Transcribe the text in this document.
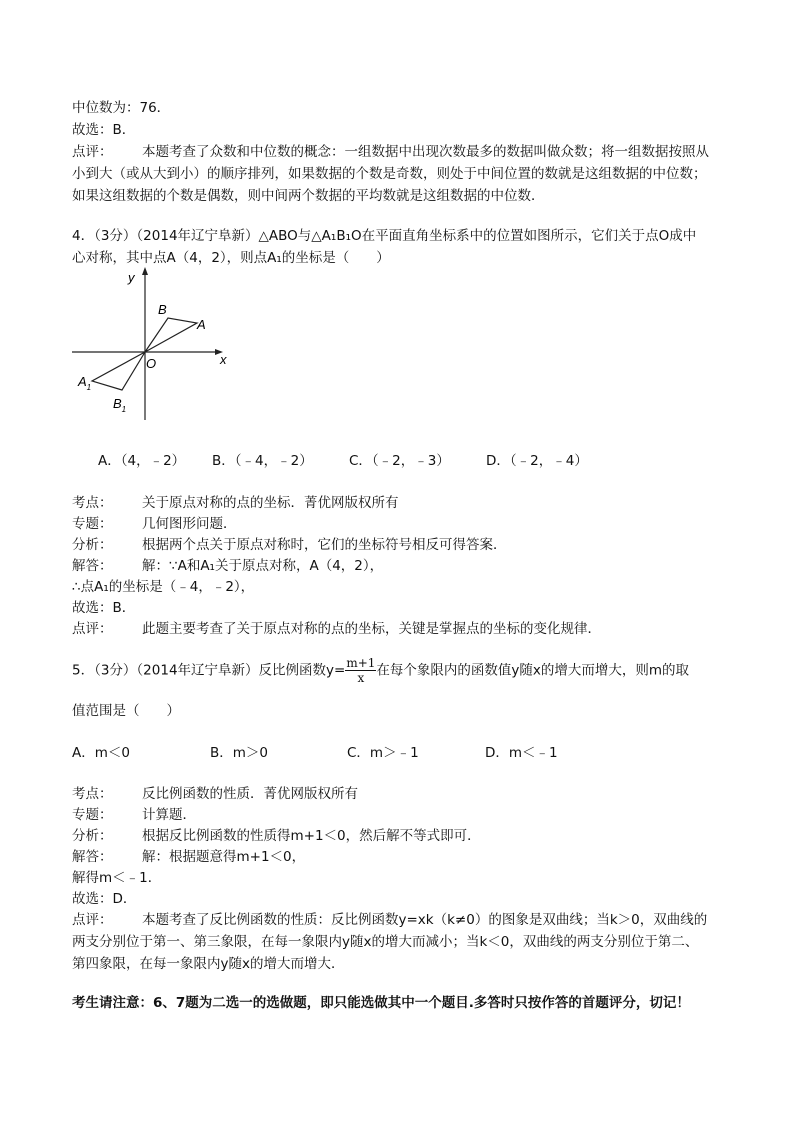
中位数为：76．
故选：B．
点评： 本题考查了众数和中位数的概念：一组数据中出现次数最多的数据叫做众数；将一组数据按照从
小到大（或从大到小）的顺序排列，如果数据的个数是奇数，则处于中间位置的数就是这组数据的中位数；
如果这组数据的个数是偶数，则中间两个数据的平均数就是这组数据的中位数．
4．（3分）（2014年辽宁阜新）△ABO与△A₁B₁O在平面直角坐标系中的位置如图所示，它们关于点O成中
心对称，其中点A（4，2），则点A₁的坐标是（　　）
y
x
O
B
A
$A_1$
$B_1$
A．（4，﹣2） B．（﹣4，﹣2）	C．（﹣2，﹣3）	D．（﹣2，﹣4）
考点： 关于原点对称的点的坐标．菁优网版权所有
专题： 几何图形问题．
分析： 根据两个点关于原点对称时，它们的坐标符号相反可得答案．
解答： 解：∵A和A₁关于原点对称，A（4，2），
∴点A₁的坐标是（﹣4，﹣2），
故选：B．
点评： 此题主要考查了关于原点对称的点的坐标，关键是掌握点的坐标的变化规律．
5．（3分）（2014年辽宁阜新）反比例函数$y= \frac{m+1}{x}$ 在每个象限内的函数值y随x的增大而增大，则m的取
值范围是（　　）
A．m＜0	B．m＞0	C．m＞﹣1	D．m＜﹣1
考点： 反比例函数的性质．菁优网版权所有
专题： 计算题．
分析： 根据反比例函数的性质得m+1＜0，然后解不等式即可．
解答： 解：根据题意得m+1＜0，
解得m＜﹣1．
故选：D．
点评： 本题考查了反比例函数的性质：反比例函数y=xk（k≠0）的图象是双曲线；当k＞0，双曲线的
两支分别位于第一、第三象限，在每一象限内y随x的增大而减小；当k＜0，双曲线的两支分别位于第二、
第四象限，在每一象限内y随x的增大而增大．
考生请注意：6、7题为二选一的选做题，即只能选做其中一个题目.多答时只按作答的首题评分，切记！
